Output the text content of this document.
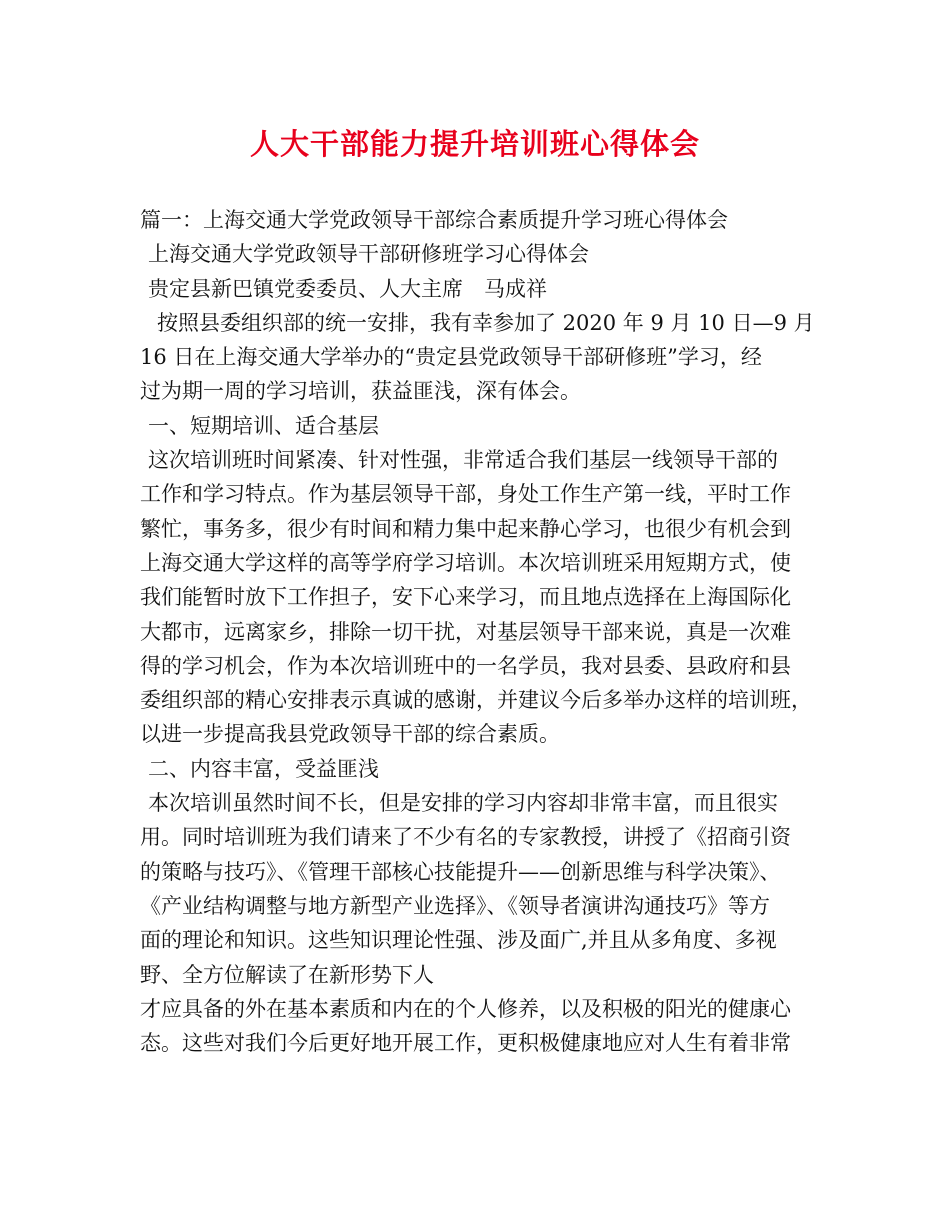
人大干部能力提升培训班心得体会
篇一：上海交通大学党政领导干部综合素质提升学习班心得体会
上海交通大学党政领导干部研修班学习心得体会
贵定县新巴镇党委委员、人大主席　马成祥
按照县委组织部的统一安排，我有幸参加了 2020 年 9 月 10 日—9 月
16 日在上海交通大学举办的“贵定县党政领导干部研修班”学习，经
过为期一周的学习培训，获益匪浅，深有体会。
一、短期培训、适合基层
这次培训班时间紧凑、针对性强，非常适合我们基层一线领导干部的
工作和学习特点。作为基层领导干部，身处工作生产第一线，平时工作
繁忙，事务多，很少有时间和精力集中起来静心学习，也很少有机会到
上海交通大学这样的高等学府学习培训。本次培训班采用短期方式，使
我们能暂时放下工作担子，安下心来学习，而且地点选择在上海国际化
大都市，远离家乡，排除一切干扰，对基层领导干部来说，真是一次难
得的学习机会，作为本次培训班中的一名学员，我对县委、县政府和县
委组织部的精心安排表示真诚的感谢，并建议今后多举办这样的培训班，
以进一步提高我县党政领导干部的综合素质。
二、内容丰富，受益匪浅
本次培训虽然时间不长，但是安排的学习内容却非常丰富，而且很实
用。同时培训班为我们请来了不少有名的专家教授，讲授了《招商引资
的策略与技巧》、《管理干部核心技能提升——创新思维与科学决策》、
《产业结构调整与地方新型产业选择》、《领导者演讲沟通技巧》等方
面的理论和知识。这些知识理论性强、涉及面广,并且从多角度、多视
野、全方位解读了在新形势下人
才应具备的外在基本素质和内在的个人修养，以及积极的阳光的健康心
态。这些对我们今后更好地开展工作，更积极健康地应对人生有着非常
